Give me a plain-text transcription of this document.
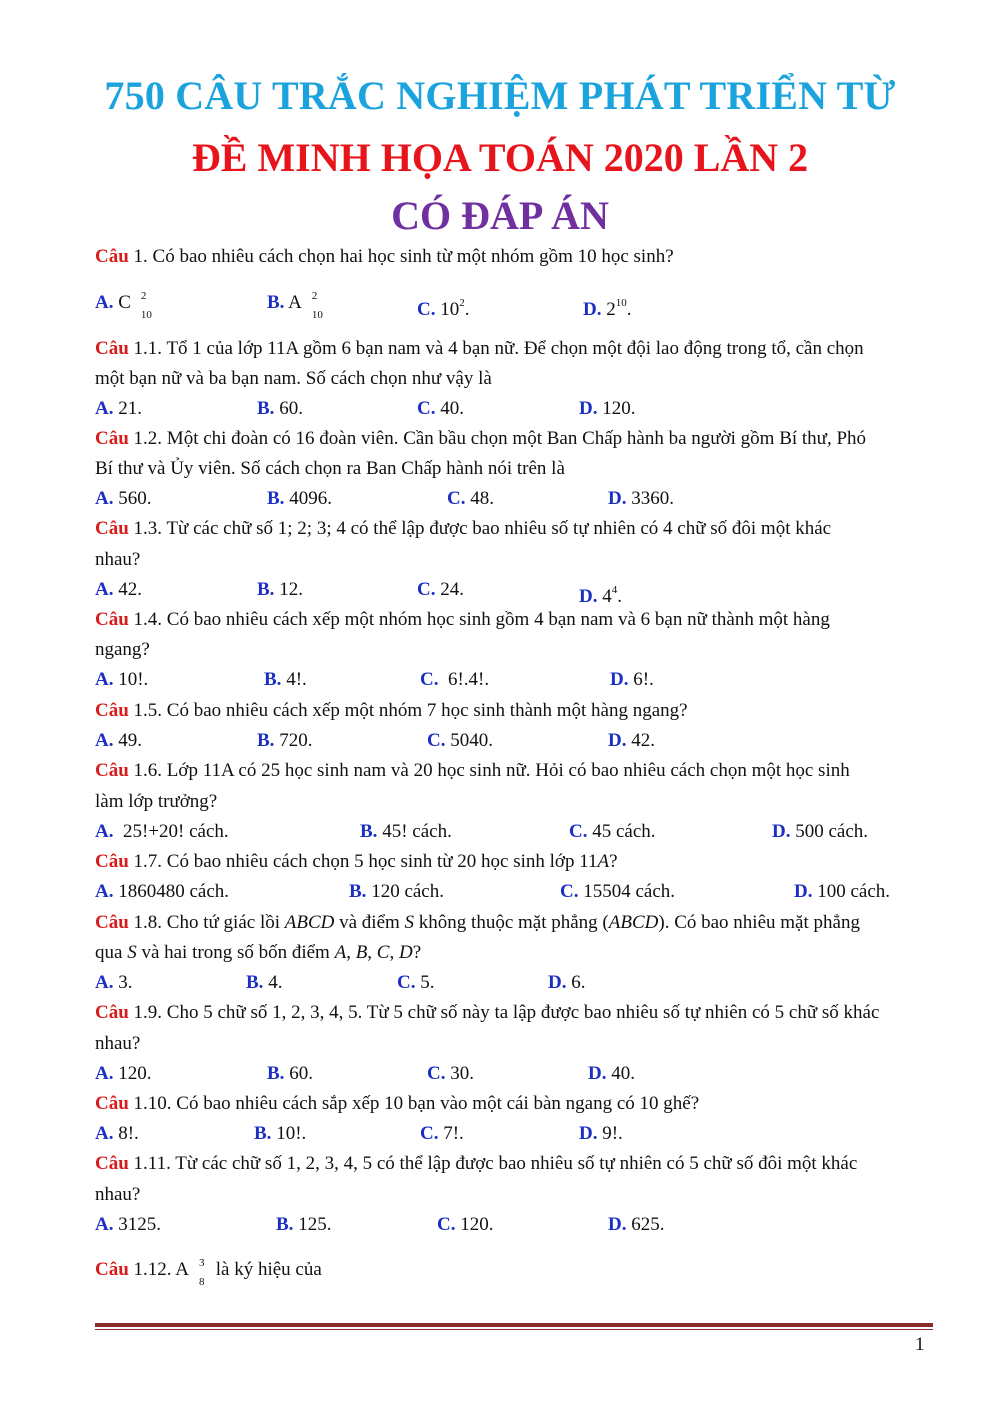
750 CÂU TRẮC NGHIỆM PHÁT TRIỂN TỪ
ĐỀ MINH HỌA TOÁN 2020 LẦN 2
CÓ ĐÁP ÁN
Câu 1. Có bao nhiêu cách chọn hai học sinh từ một nhóm gồm 10 học sinh?
A. C 2
10
B. A 2
10	C. $10^2$.	D. $2^{10}$.
Câu 1.1. Tổ 1 của lớp 11A gồm 6 bạn nam và 4 bạn nữ. Để chọn một đội lao động trong tổ, cần chọn
một bạn nữ và ba bạn nam. Số cách chọn như vậy là
A. 21.	B. 60.	C. 40.	D. 120.
Câu 1.2. Một chi đoàn có 16 đoàn viên. Cần bầu chọn một Ban Chấp hành ba người gồm Bí thư, Phó
Bí thư và Ủy viên. Số cách chọn ra Ban Chấp hành nói trên là
A. 560.	B. 4096.	C. 48.	D. 3360.
Câu 1.3. Từ các chữ số 1; 2; 3; 4 có thể lập được bao nhiêu số tự nhiên có 4 chữ số đôi một khác
nhau?
A. 42.	B. 12.	C. 24.	D. $4^4$.
Câu 1.4. Có bao nhiêu cách xếp một nhóm học sinh gồm 4 bạn nam và 6 bạn nữ thành một hàng
ngang?
A. 10!.	B. 4!.	C. 6!.4!.	D. 6!.
Câu 1.5. Có bao nhiêu cách xếp một nhóm 7 học sinh thành một hàng ngang?
A. 49.	B. 720.	C. 5040.	D. 42.
Câu 1.6. Lớp 11A có 25 học sinh nam và 20 học sinh nữ. Hỏi có bao nhiêu cách chọn một học sinh
làm lớp trưởng?
A. 25!+20! cách.	B. 45! cách.	C. 45 cách.	D. 500 cách.
Câu 1.7. Có bao nhiêu cách chọn 5 học sinh từ 20 học sinh lớp 11A?
A. 1860480 cách.	B. 120 cách.	C. 15504 cách.	D. 100 cách.
Câu 1.8. Cho tứ giác lồi ABCD và điểm S không thuộc mặt phẳng (ABCD). Có bao nhiêu mặt phẳng
qua S và hai trong số bốn điểm A, B, C, D?
A. 3.	B. 4.	C. 5.	D. 6.
Câu 1.9. Cho 5 chữ số 1, 2, 3, 4, 5. Từ 5 chữ số này ta lập được bao nhiêu số tự nhiên có 5 chữ số khác
nhau?
A. 120.	B. 60.	C. 30.	D. 40.
Câu 1.10. Có bao nhiêu cách sắp xếp 10 bạn vào một cái bàn ngang có 10 ghế?
A. 8!.	B. 10!.	C. 7!.	D. 9!.
Câu 1.11. Từ các chữ số 1, 2, 3, 4, 5 có thể lập được bao nhiêu số tự nhiên có 5 chữ số đôi một khác
nhau?
A. 3125.	B. 125.	C. 120.	D. 625.
Câu 1.12. A 3
8
là ký hiệu của
1
